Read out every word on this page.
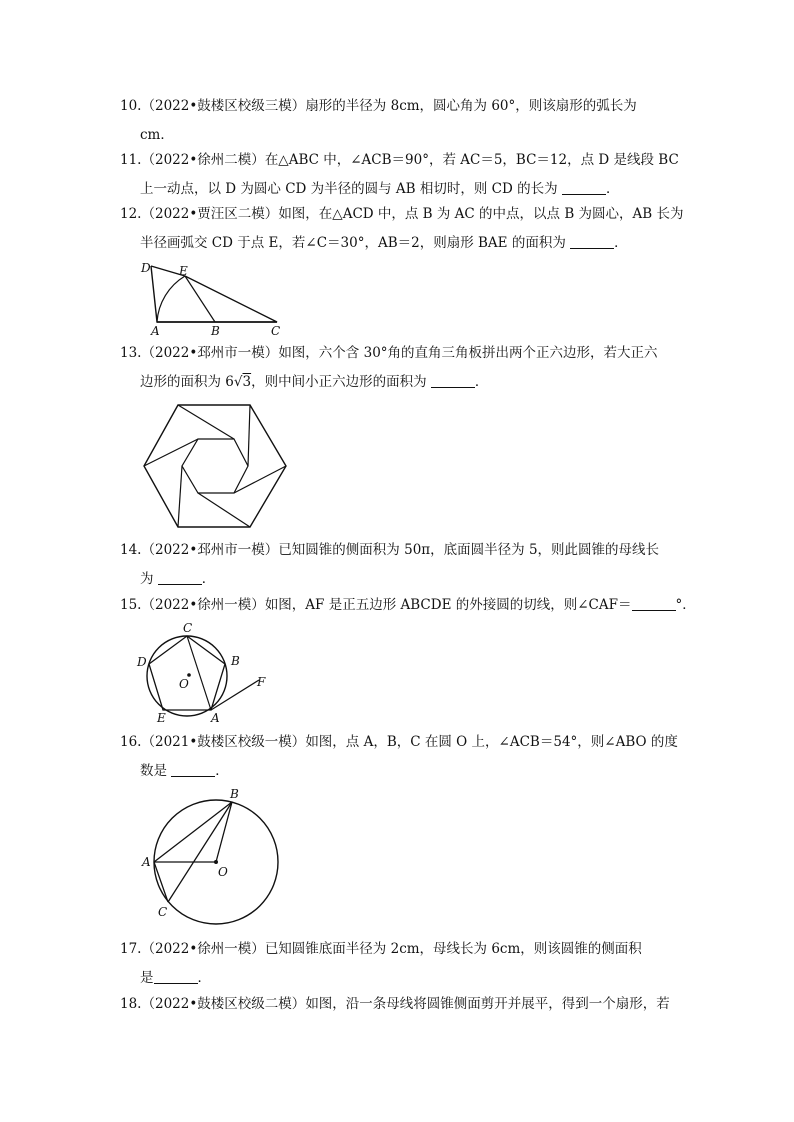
10.（2022•鼓楼区校级三模）扇形的半径为 8cm，圆心角为 60°，则该扇形的弧长为
cm．
11.（2022•徐州二模）在△ABC 中，∠ACB＝90°，若 AC＝5，BC＝12，点 D 是线段 BC
上一动点，以 D 为圆心 CD 为半径的圆与 AB 相切时，则 CD 的长为	．
12.（2022•贾汪区二模）如图，在△ACD 中，点 B 为 AC 的中点，以点 B 为圆心，AB 长为
半径画弧交 CD 于点 E，若∠C＝30°，AB＝2，则扇形 BAE 的面积为	．
D E
A	B	C
13.（2022•邳州市一模）如图，六个含 30°角的直角三角板拼出两个正六边形，若大正六
边形的面积为 6√3，则中间小正六边形的面积为	．
14.（2022•邳州市一模）已知圆锥的侧面积为 50π，底面圆半径为 5，则此圆锥的母线长
为	．
15.（2022•徐州一模）如图，AF 是正五边形 ABCDE 的外接圆的切线，则∠CAF＝	°．
C
D	B
O	F
E	A
16.（2021•鼓楼区校级一模）如图，点 A，B，C 在圆 O 上，∠ACB＝54°，则∠ABO 的度
数是	．
B
A
O
C
17.（2022•徐州一模）已知圆锥底面半径为 2cm，母线长为 6cm，则该圆锥的侧面积
是	．
18.（2022•鼓楼区校级二模）如图，沿一条母线将圆锥侧面剪开并展平，得到一个扇形，若
